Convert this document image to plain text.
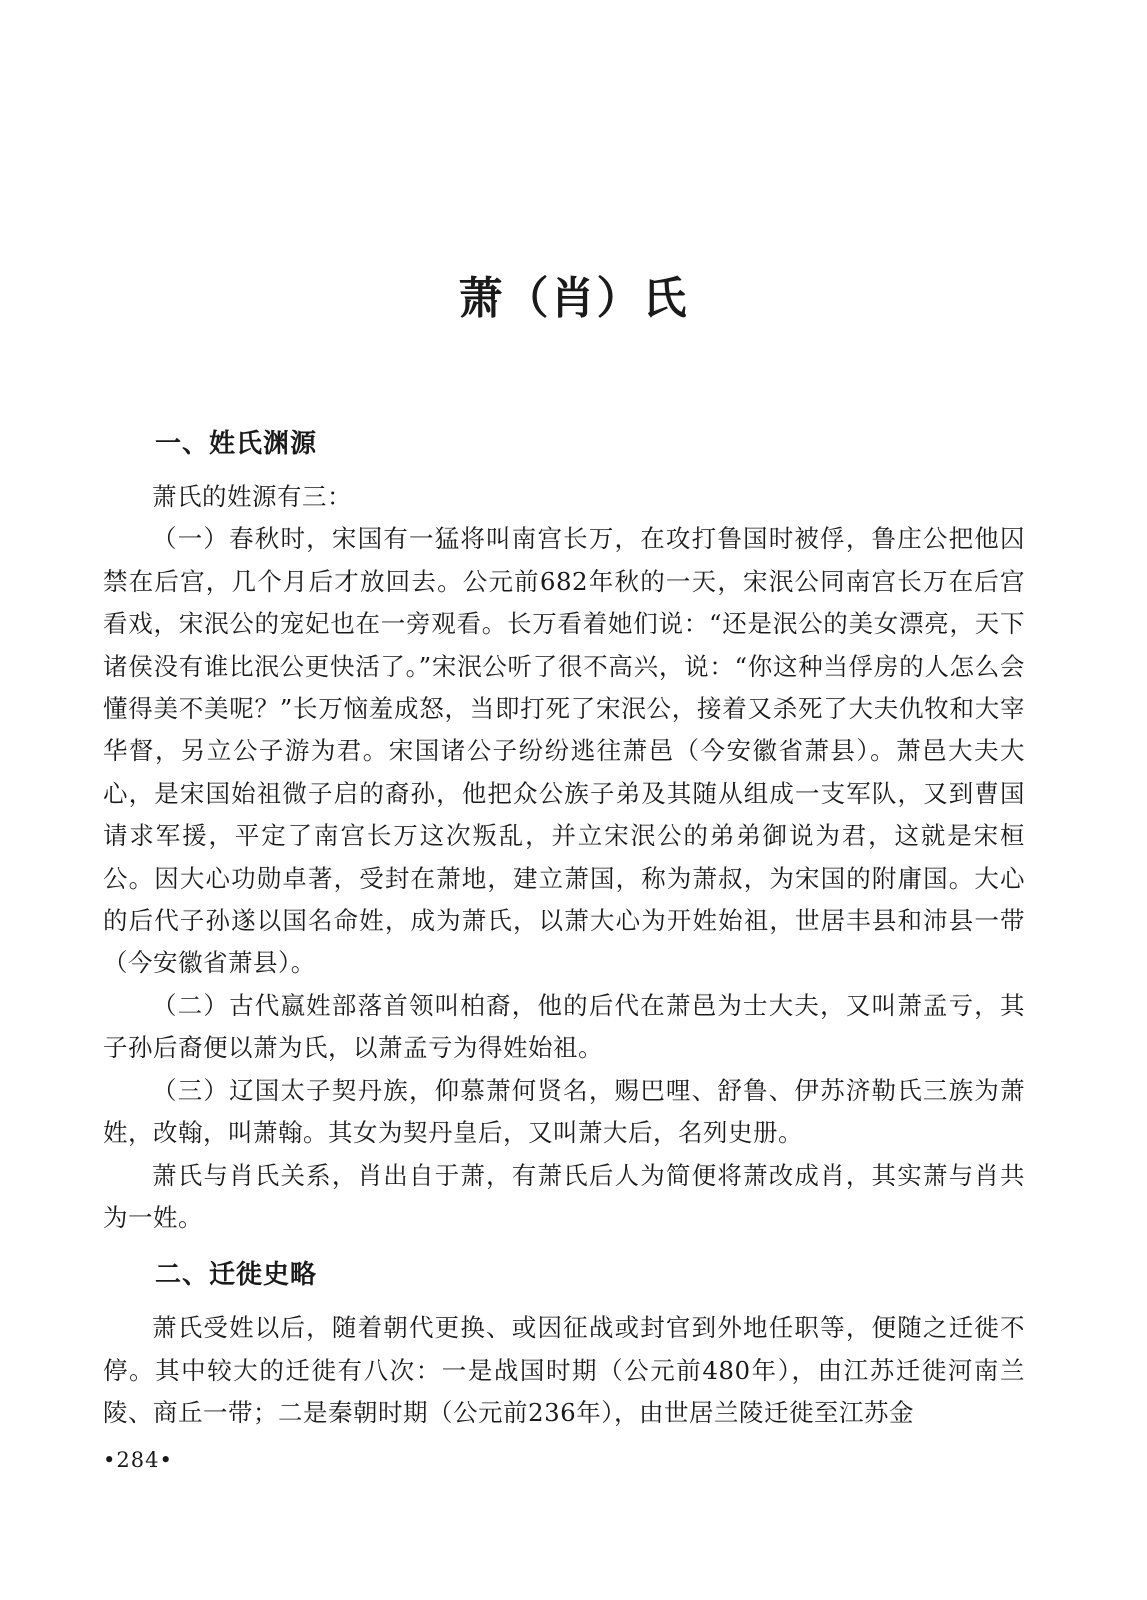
萧（肖）氏
一、姓氏渊源

萧氏的姓源有三：

（一）春秋时，宋国有一猛将叫南宫长万，在攻打鲁国时被俘，鲁庄公把他囚禁在后宫，几个月后才放回去。公元前682年秋的一天，宋泯公同南宫长万在后宫看戏，宋泯公的宠妃也在一旁观看。长万看着她们说：“还是泯公的美女漂亮，天下诸侯没有谁比泯公更快活了。”宋泯公听了很不高兴，说：“你这种当俘房的人怎么会懂得美不美呢？”长万恼羞成怒，当即打死了宋泯公，接着又杀死了大夫仇牧和大宰华督，另立公子游为君。宋国诸公子纷纷逃往萧邑（今安徽省萧县）。萧邑大夫大心，是宋国始祖微子启的裔孙，他把众公族子弟及其随从组成一支军队，又到曹国请求军援，平定了南宫长万这次叛乱，并立宋泯公的弟弟御说为君，这就是宋桓公。因大心功勋卓著，受封在萧地，建立萧国，称为萧叔，为宋国的附庸国。大心的后代子孙遂以国名命姓，成为萧氏，以萧大心为开姓始祖，世居丰县和沛县一带（今安徽省萧县）。

（二）古代嬴姓部落首领叫柏裔，他的后代在萧邑为士大夫，又叫萧孟亏，其子孙后裔便以萧为氏，以萧孟亏为得姓始祖。

（三）辽国太子契丹族，仰慕萧何贤名，赐巴哩、舒鲁、伊苏济勒氏三族为萧姓，改翰，叫萧翰。其女为契丹皇后，又叫萧大后，名列史册。

萧氏与肖氏关系，肖出自于萧，有萧氏后人为简便将萧改成肖，其实萧与肖共为一姓。

二、迁徙史略

萧氏受姓以后，随着朝代更换、或因征战或封官到外地任职等，便随之迁徙不停。其中较大的迁徙有八次：一是战国时期（公元前480年），由江苏迁徙河南兰陵、商丘一带；二是秦朝时期（公元前236年），由世居兰陵迁徙至江苏金

•284•
